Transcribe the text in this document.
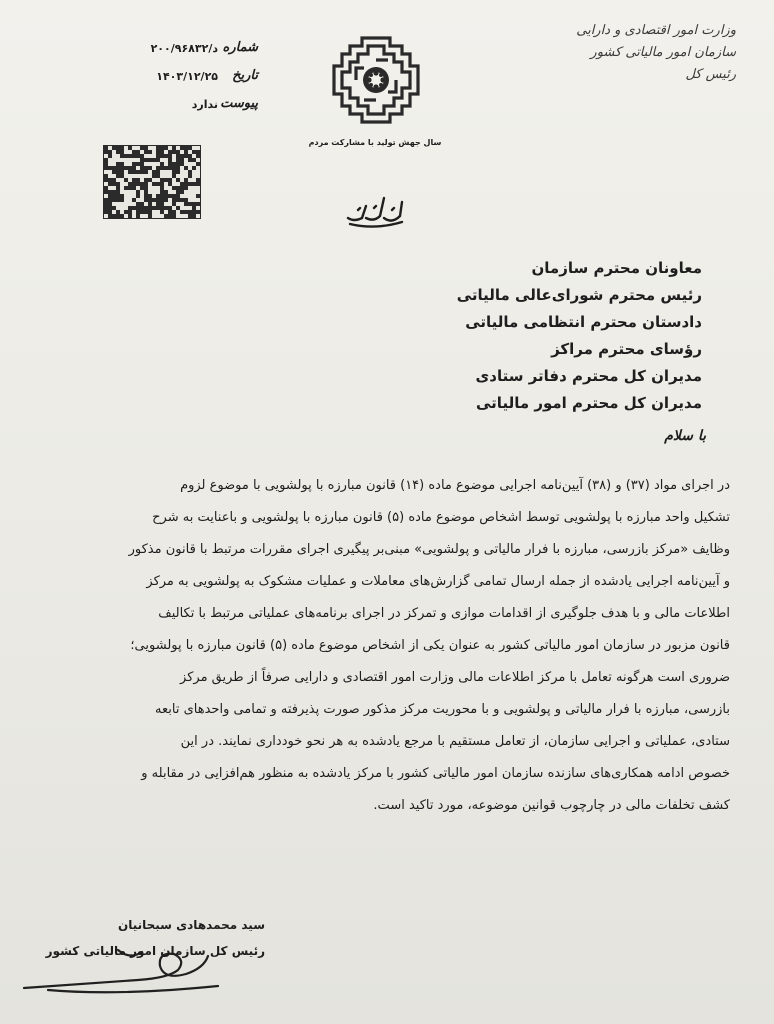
وزارت امور اقتصادی و دارایی
سازمان امور مالیاتی کشور
رئیس کل
سال جهش تولید با مشارکت مردم
شماره
د/۲۰۰/۹۶۸۳۲
تاریخ
۱۴۰۳/۱۲/۲۵
پیوست
ندارد
معاونان محترم سازمان
رئیس محترم شورای‌عالی مالیاتی
دادستان محترم انتظامی مالیاتی
رؤسای محترم مراکز
مدیران کل محترم دفاتر ستادی
مدیران کل محترم امور مالیاتی
با سلام
در اجرای مواد (۳۷) و (۳۸) آیین‌نامه اجرایی موضوع ماده (۱۴) قانون مبارزه با پولشویی با موضوع لزوم
تشکیل واحد مبارزه با پولشویی توسط اشخاص موضوع ماده (۵) قانون مبارزه با پولشویی و باعنایت به شرح
وظایف «مرکز بازرسی، مبارزه با فرار مالیاتی و پولشویی» مبنی‌بر پیگیری اجرای مقررات مرتبط با قانون مذکور
و آیین‌نامه اجرایی یادشده از جمله ارسال تمامی گزارش‌های معاملات و عملیات مشکوک به پولشویی به مرکز
اطلاعات مالی و با هدف جلوگیری از اقدامات موازی و تمرکز در اجرای برنامه‌های عملیاتی مرتبط با تکالیف
قانون مزبور در سازمان امور مالیاتی کشور به عنوان یکی از اشخاص موضوع ماده (۵) قانون مبارزه با پولشویی؛
ضروری است هرگونه تعامل با مرکز اطلاعات مالی وزارت امور اقتصادی و دارایی صرفاً از طریق مرکز
بازرسی، مبارزه با فرار مالیاتی و پولشویی و با محوریت مرکز مذکور صورت پذیرفته و تمامی واحدهای تابعه
ستادی، عملیاتی و اجرایی سازمان، از تعامل مستقیم با مرجع یادشده به هر نحو خودداری نمایند. در این
خصوص ادامه همکاری‌های سازنده سازمان امور مالیاتی کشور با مرکز یادشده به منظور هم‌افزایی در مقابله و
کشف تخلفات مالی در چارچوب قوانین موضوعه، مورد تاکید است.
سید محمدهادی سبحانیان
رئیس کل سازمان امور مالیاتی کشور
